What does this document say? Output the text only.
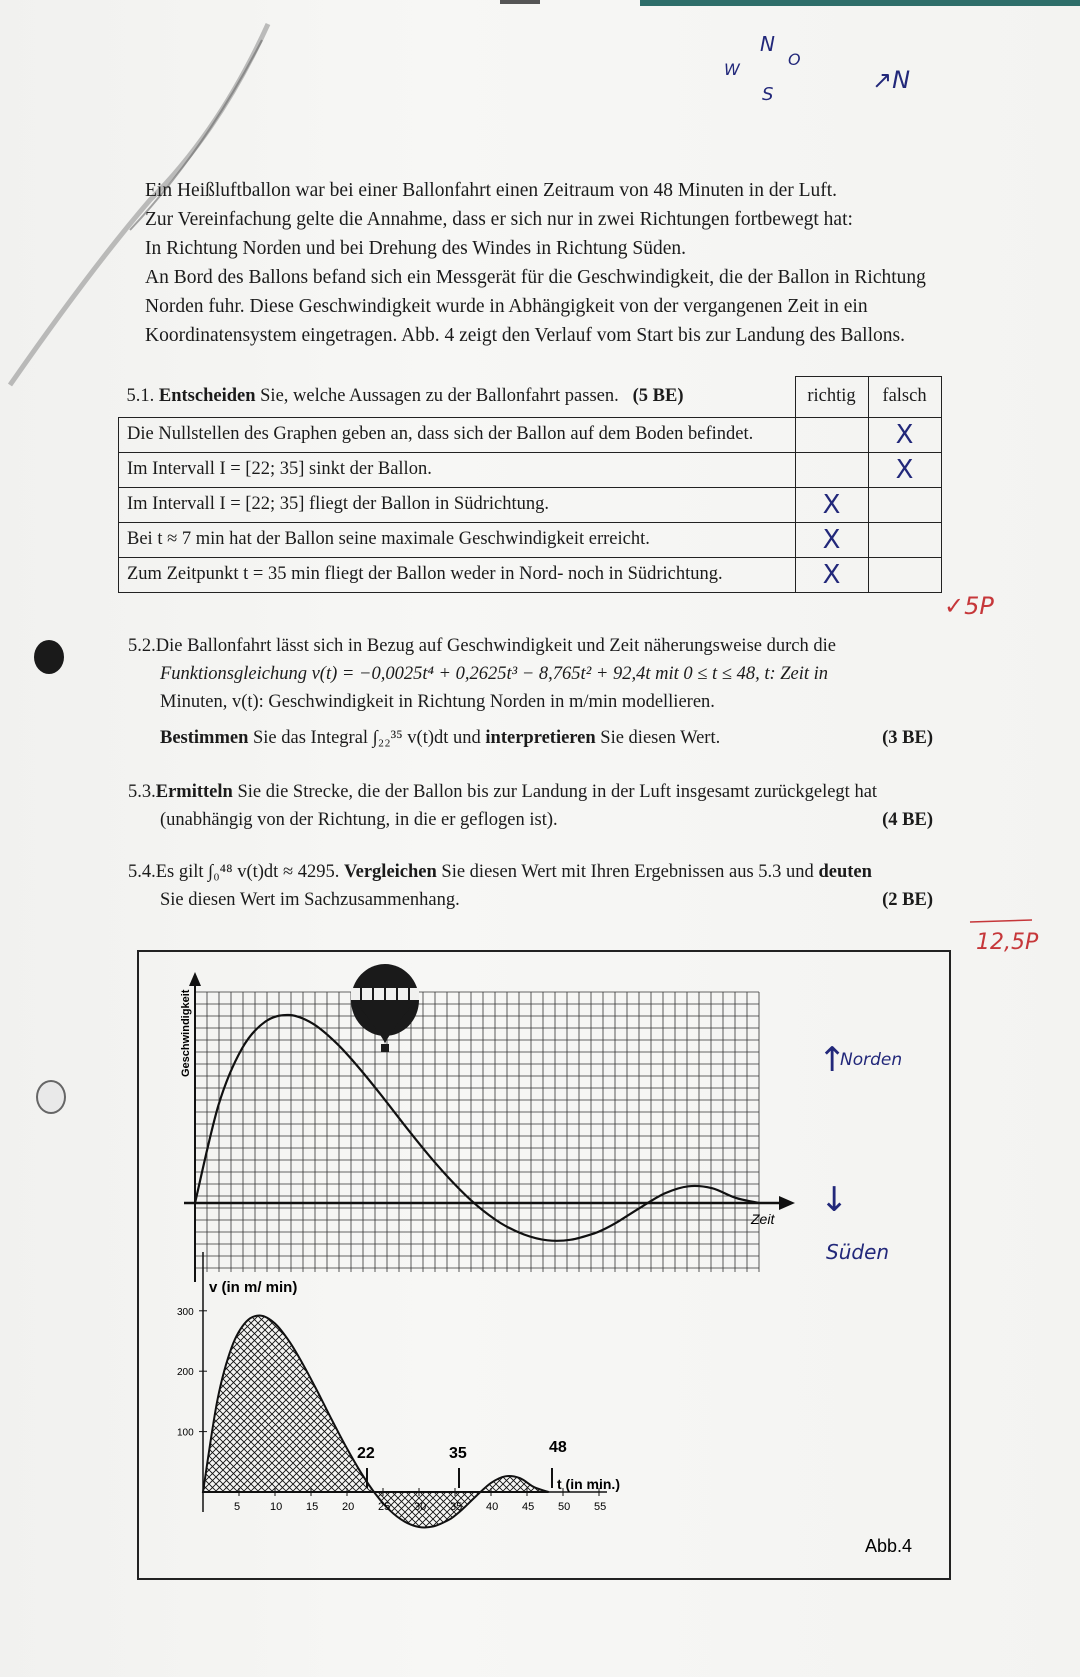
N
W
O
S
↗N

Ein Heißluftballon war bei einer Ballonfahrt einen Zeitraum von 48 Minuten in der Luft.

Zur Vereinfachung gelte die Annahme, dass er sich nur in zwei Richtungen fortbewegt hat:

In Richtung Norden und bei Drehung des Windes in Richtung Süden.

An Bord des Ballons befand sich ein Messgerät für die Geschwindigkeit, die der Ballon in Richtung

Norden fuhr. Diese Geschwindigkeit wurde in Abhängigkeit von der vergangenen Zeit in ein

Koordinatensystem eingetragen. Abb. 4 zeigt den Verlauf vom Start bis zur Landung des Ballons.

5.1. Entscheiden Sie, welche Aussagen zu der Ballonfahrt passen. (5 BE)	richtig	falsch
Die Nullstellen des Graphen geben an, dass sich der Ballon auf dem Boden befindet.		X
Im Intervall I = [22; 35] sinkt der Ballon.		X
Im Intervall I = [22; 35] fliegt der Ballon in Südrichtung.	X	
Bei t ≈ 7 min hat der Ballon seine maximale Geschwindigkeit erreicht.	X	
Zum Zeitpunkt t = 35 min fliegt der Ballon weder in Nord- noch in Südrichtung.	X	
✓5P
5.2.Die Ballonfahrt lässt sich in Bezug auf Geschwindigkeit und Zeit näherungsweise durch die
Funktionsgleichung v(t) = −0,0025t⁴ + 0,2625t³ − 8,765t² + 92,4t mit 0 ≤ t ≤ 48, t: Zeit in
Minuten, v(t): Geschwindigkeit in Richtung Norden in m/min modellieren.
Bestimmen Sie das Integral ∫₂₂³⁵ v(t)dt und interpretieren Sie diesen Wert.	(3 BE)
5.3.Ermitteln Sie die Strecke, die der Ballon bis zur Landung in der Luft insgesamt zurückgelegt hat
(unabhängig von der Richtung, in die er geflogen ist).	(4 BE)
5.4.Es gilt ∫₀⁴⁸ v(t)dt ≈ 4295. Vergleichen Sie diesen Wert mit Ihren Ergebnissen aus 5.3 und deuten
Sie diesen Wert im Sachzusammenhang.	(2 BE)
12,5P
Geschwindigkeit
Zeit
5	10 15 20 25 30 35 40 45 50 55
100
200
300
v (in m/ min)
t (in min.)
22	35	48
Abb.4
↑
Norden
↓
Süden
